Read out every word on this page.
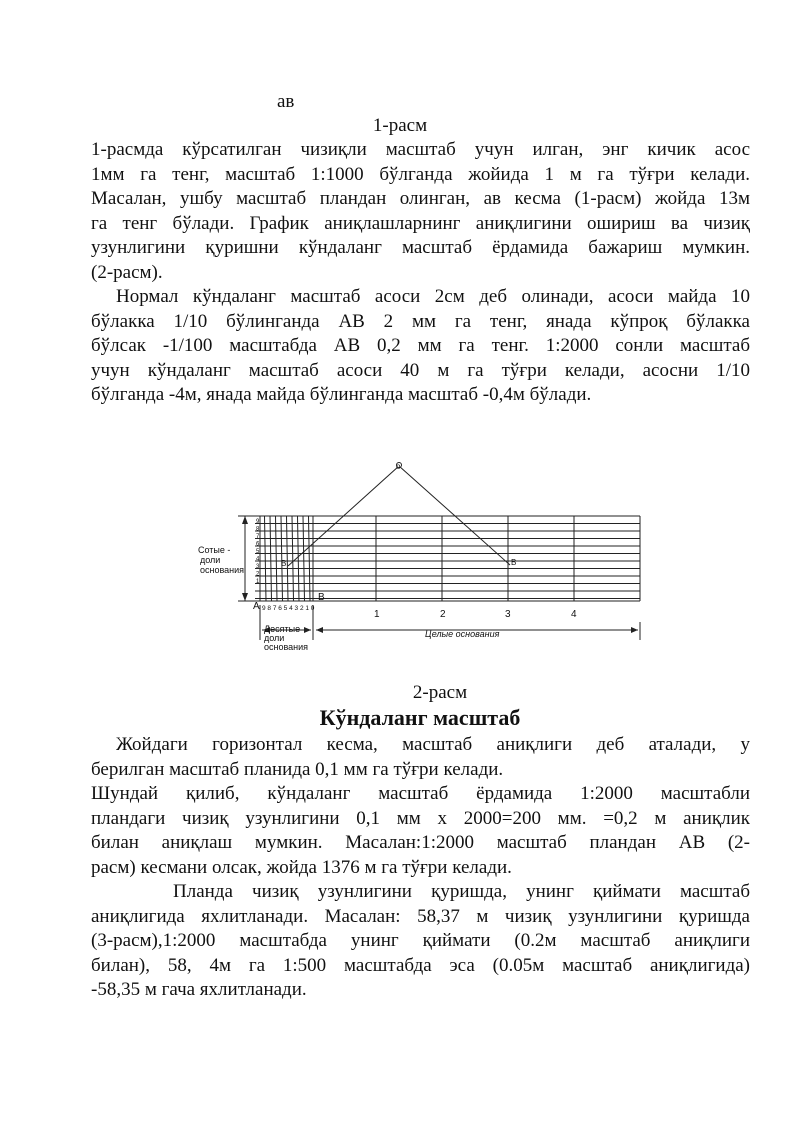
ав
1-расм
1-расмда кўрсатилган чизиқли масштаб учун илган, энг кичик асос
1мм га тенг, масштаб 1:1000 бўлганда жойида 1 м га тўғри келади.
Масалан, ушбу масштаб пландан олинган, ав кесма (1-расм) жойда 13м
га тенг бўлади. График аниқлашларнинг аниқлигини ошириш ва чизиқ
узунлигини қуришни кўндаланг масштаб ёрдамида бажариш мумкин.
(2-расм).
Нормал кўндаланг масштаб асоси 2см деб олинади, асоси майда 10
бўлакка 1/10 бўлинганда АВ 2 мм га тенг, янада кўпроқ бўлакка
бўлсак -1/100 масштабда АВ 0,2 мм га тенг. 1:2000 сонли масштаб
учун кўндаланг масштаб асоси 40 м га тўғри келади, асосни 1/10
бўлганда -4м, янада майда бўлинганда масштаб -0,4м бўлади.
o
Сотые -
доли
основания
Десятые
доли
основания
Целые основания
A
B
B	B
9 8 7 6 5 4 3 2 1 0
1	2	3	4
9
8
7
6
5
4
3
2
1
2-расм
Кўндаланг масштаб
Жойдаги горизонтал кесма, масштаб аниқлиги деб аталади, у
берилган масштаб планида 0,1 мм га тўғри келади.
Шундай қилиб, кўндаланг масштаб ёрдамида 1:2000 масштабли
пландаги чизиқ узунлигини 0,1 мм х 2000=200 мм. =0,2 м аниқлик
билан аниқлаш мумкин. Масалан:1:2000 масштаб пландан АВ (2-
расм) кесмани олсак, жойда 1376 м га тўғри келади.
Планда чизиқ узунлигини қуришда, унинг қиймати масштаб
аниқлигида яхлитланади. Масалан: 58,37 м чизиқ узунлигини қуришда
(3-расм),1:2000 масштабда унинг қиймати (0.2м масштаб аниқлиги
билан), 58, 4м га 1:500 масштабда эса (0.05м масштаб аниқлигида)
-58,35 м гача яхлитланади.
